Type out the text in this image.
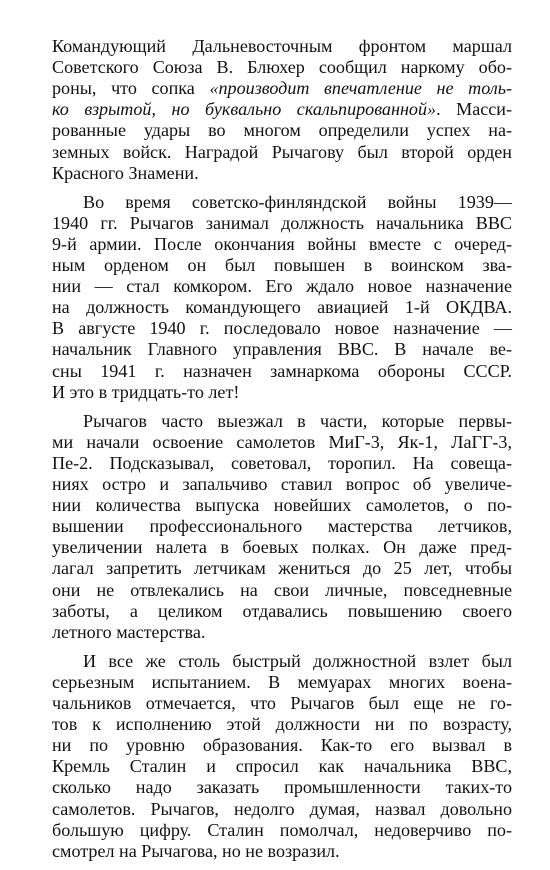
Командующий Дальневосточным фронтом маршал
Советского Союза В. Блюхер сообщил наркому обо-
роны, что сопка «производит впечатление не толь-
ко взрытой, но буквально скальпированной». Масси-
рованные удары во многом определили успех на-
земных войск. Наградой Рычагову был второй орден
Красного Знамени.
Во время советско-финляндской войны 1939—
1940 гг. Рычагов занимал должность начальника ВВС
9-й армии. После окончания войны вместе с очеред-
ным орденом он был повышен в воинском зва-
нии — стал комкором. Его ждало новое назначение
на должность командующего авиацией 1-й ОКДВА.
В августе 1940 г. последовало новое назначение —
начальник Главного управления ВВС. В начале ве-
сны 1941 г. назначен замнаркома обороны СССР.
И это в тридцать-то лет!
Рычагов часто выезжал в части, которые первы-
ми начали освоение самолетов МиГ-3, Як-1, ЛаГГ-3,
Пе-2. Подсказывал, советовал, торопил. На совеща-
ниях остро и запальчиво ставил вопрос об увеличе-
нии количества выпуска новейших самолетов, о по-
вышении профессионального мастерства летчиков,
увеличении налета в боевых полках. Он даже пред-
лагал запретить летчикам жениться до 25 лет, чтобы
они не отвлекались на свои личные, повседневные
заботы, а целиком отдавались повышению своего
летного мастерства.
И все же столь быстрый должностной взлет был
серьезным испытанием. В мемуарах многих воена-
чальников отмечается, что Рычагов был еще не го-
тов к исполнению этой должности ни по возрасту,
ни по уровню образования. Как-то его вызвал в
Кремль Сталин и спросил как начальника ВВС,
сколько надо заказать промышленности таких-то
самолетов. Рычагов, недолго думая, назвал довольно
большую цифру. Сталин помолчал, недоверчиво по-
смотрел на Рычагова, но не возразил.
